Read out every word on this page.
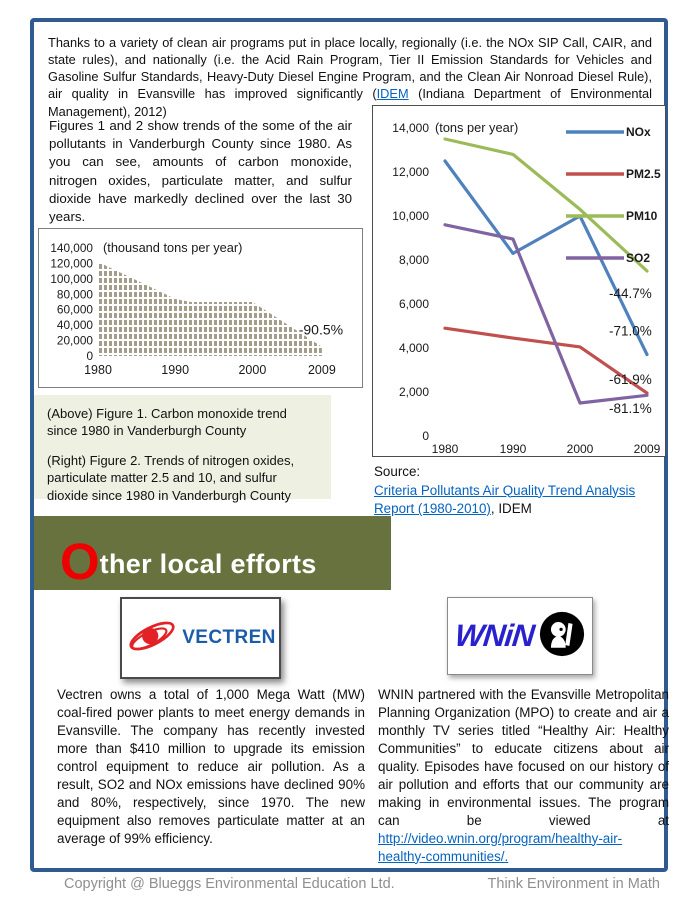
Thanks to a variety of clean air programs put in place locally, regionally (i.e. the NOx SIP Call, CAIR, and state rules), and nationally (i.e. the Acid Rain Program, Tier II Emission Standards for Vehicles and Gasoline Sulfur Standards, Heavy-Duty Diesel Engine Program, and the Clean Air Nonroad Diesel Rule), air quality in Evansville has improved significantly (IDEM (Indiana Department of Environmental Management), 2012)

Figures 1 and 2 show trends of the some of the air pollutants in Vanderburgh County since 1980. As you can see, amounts of carbon monoxide, nitrogen oxides, particulate matter, and sulfur dioxide have markedly declined over the last 30 years.

140,000
120,000
100,000
80,000
60,000
40,000
20,000
0
1980	1990	2000	2009
(thousand tons per year)
-90.5%
14,000
12,000
10,000
8,000
6,000
4,000
2,000
0
1980	1990	2000	2009
(tons per year)	NOx
PM2.5
PM10
SO2
-44.7%
-71.0%
-61.9%
-81.1%

(Above) Figure 1. Carbon monoxide trend since 1980 in Vanderburgh County

(Right) Figure 2. Trends of nitrogen oxides, particulate matter 2.5 and 10, and sulfur dioxide since 1980 in Vanderburgh County

Source:
Criteria Pollutants Air Quality Trend Analysis Report (1980-2010), IDEM
O ther local efforts
VECTREN	WNiN

Vectren owns a total of 1,000 Mega Watt (MW) coal-fired power plants to meet energy demands in Evansville. The company has recently invested more than $410 million to upgrade its emission control equipment to reduce air pollution. As a result, SO2 and NOx emissions have declined 90% and 80%, respectively, since 1970. The new equipment also removes particulate matter at an average of 99% efficiency.

WNIN partnered with the Evansville Metropolitan Planning Organization (MPO) to create and air a monthly TV series titled “Healthy Air: Healthy Communities” to educate citizens about air quality. Episodes have focused on our history of air pollution and efforts that our community are making in environmental issues. The program can be viewed at http://video.wnin.org/program/healthy-air-healthy-communities/.

Copyright @ Blueggs Environmental Education Ltd.	Think Environment in Math
